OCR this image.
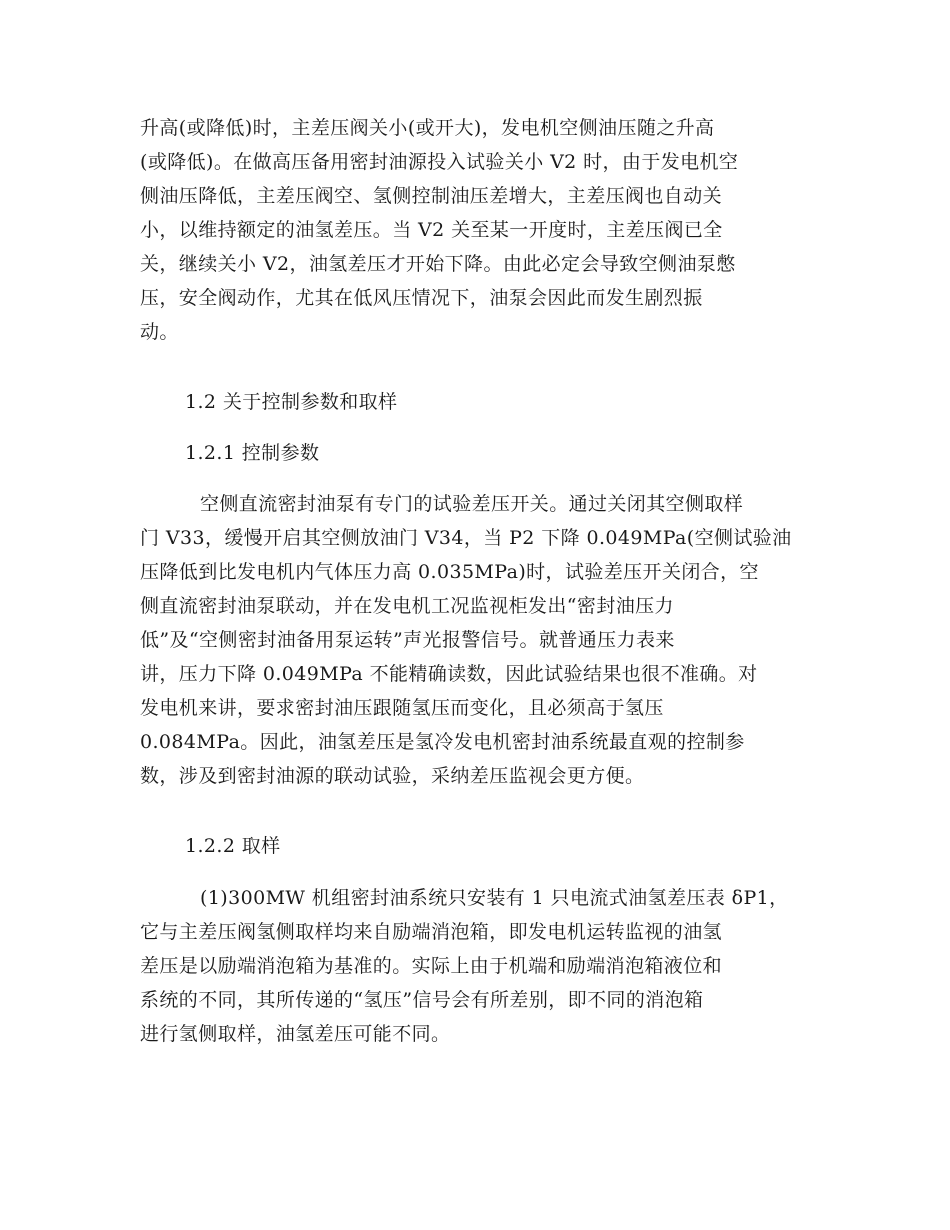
升高(或降低)时，主差压阀关小(或开大)，发电机空侧油压随之升高
(或降低)。在做高压备用密封油源投入试验关小 V2 时，由于发电机空
侧油压降低，主差压阀空、氢侧控制油压差增大，主差压阀也自动关
小，以维持额定的油氢差压。当 V2 关至某一开度时，主差压阀已全
关，继续关小 V2，油氢差压才开始下降。由此必定会导致空侧油泵憋
压，安全阀动作，尤其在低风压情况下，油泵会因此而发生剧烈振
动。
1.2 关于控制参数和取样
1.2.1 控制参数
空侧直流密封油泵有专门的试验差压开关。通过关闭其空侧取样
门 V33，缓慢开启其空侧放油门 V34，当 P2 下降 0.049MPa(空侧试验油
压降低到比发电机内气体压力高 0.035MPa)时，试验差压开关闭合，空
侧直流密封油泵联动，并在发电机工况监视柜发出“密封油压力
低”及“空侧密封油备用泵运转”声光报警信号。就普通压力表来
讲，压力下降 0.049MPa 不能精确读数，因此试验结果也很不准确。对
发电机来讲，要求密封油压跟随氢压而变化，且必须高于氢压
0.084MPa。因此，油氢差压是氢冷发电机密封油系统最直观的控制参
数，涉及到密封油源的联动试验，采纳差压监视会更方便。
1.2.2 取样
(1)300MW 机组密封油系统只安装有 1 只电流式油氢差压表 δP1，
它与主差压阀氢侧取样均来自励端消泡箱，即发电机运转监视的油氢
差压是以励端消泡箱为基准的。实际上由于机端和励端消泡箱液位和
系统的不同，其所传递的“氢压”信号会有所差别，即不同的消泡箱
进行氢侧取样，油氢差压可能不同。
